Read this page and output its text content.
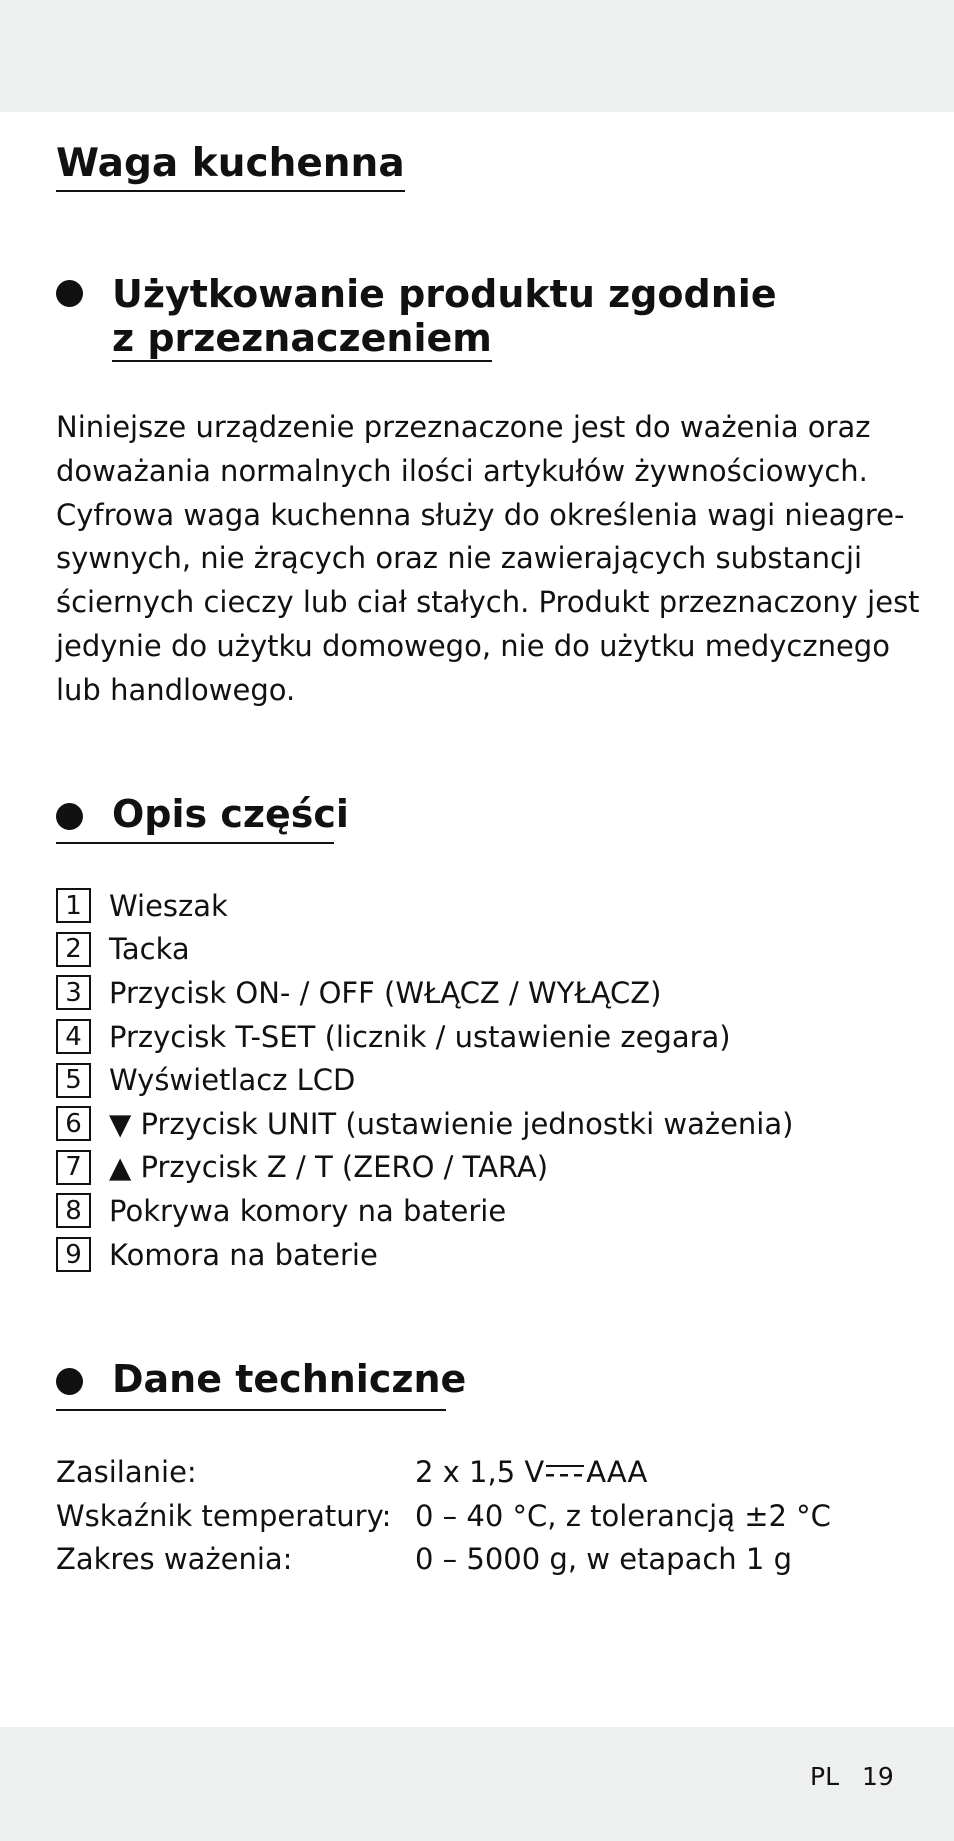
Waga kuchenna
Użytkowanie produktu zgodnie
z przeznaczeniem

Niniejsze urządzenie przeznaczone jest do ważenia oraz

doważania normalnych ilości artykułów żywnościowych.

Cyfrowa waga kuchenna służy do określenia wagi nieagre-

sywnych, nie żrących oraz nie zawierających substancji

ściernych cieczy lub ciał stałych. Produkt przeznaczony jest

jedynie do użytku domowego, nie do użytku medycznego

lub handlowego.

Opis części
1 Wieszak
2 Tacka
3 Przycisk ON- / OFF (WŁĄCZ / WYŁĄCZ)
4 Przycisk T-SET (licznik / ustawienie zegara)
5 Wyświetlacz LCD
6 ▼ Przycisk UNIT (ustawienie jednostki ważenia)
7 ▲ Przycisk Z / T (ZERO / TARA)
8 Pokrywa komory na baterie
9 Komora na baterie
Dane techniczne
Zasilanie:	2 x 1,5 V AAA
Wskaźnik temperatury: 0 – 40 °C, z tolerancją ±2 °C
Zakres ważenia:	0 – 5000 g, w etapach 1 g
PL 19
